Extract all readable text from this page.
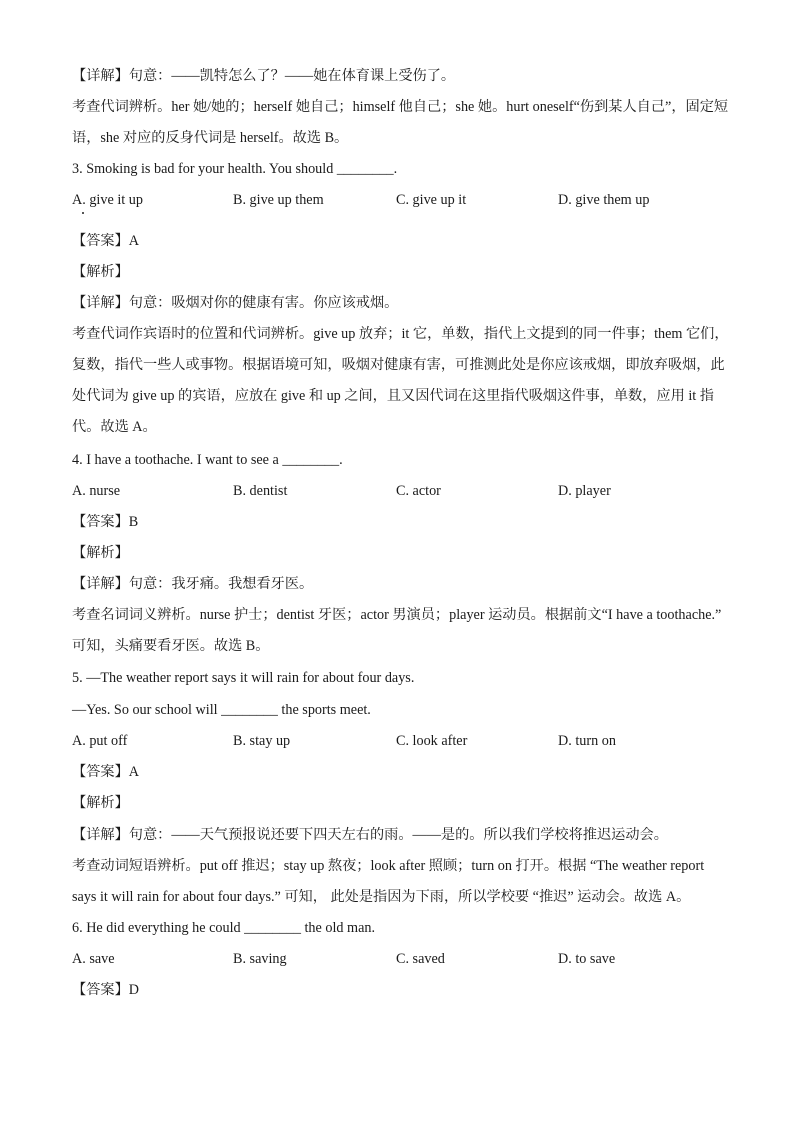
【详解】句意：——凯特怎么了？——她在体育课上受伤了。
考查代词辨析。her 她/她的；herself 她自己；himself 他自己；she 她。hurt oneself“伤到某人自己”，固定短
语，she 对应的反身代词是 herself。故选 B。
3. Smoking is bad for your health. You should ________.
A. give it up	B. give up them	C. give up it	D. give them up
【答案】A
【解析】
【详解】句意：吸烟对你的健康有害。你应该戒烟。
考查代词作宾语时的位置和代词辨析。give up 放弃；it 它，单数，指代上文提到的同一件事；them 它们，
复数，指代一些人或事物。根据语境可知，吸烟对健康有害，可推测此处是你应该戒烟，即放弃吸烟，此
处代词为 give up 的宾语，应放在 give 和 up 之间，且又因代词在这里指代吸烟这件事，单数，应用 it 指
代。故选 A。
4. I have a toothache. I want to see a ________.
A. nurse	B. dentist	C. actor	D. player
【答案】B
【解析】
【详解】句意：我牙痛。我想看牙医。
考查名词词义辨析。nurse 护士；dentist 牙医；actor 男演员；player 运动员。根据前文“I have a toothache.”
可知，头痛要看牙医。故选 B。
5. —The weather report says it will rain for about four days.
—Yes. So our school will ________ the sports meet.
A. put off	B. stay up	C. look after	D. turn on
【答案】A
【解析】
【详解】句意：——天气预报说还要下四天左右的雨。——是的。所以我们学校将推迟运动会。
考查动词短语辨析。put off 推迟；stay up 熬夜；look after 照顾；turn on 打开。根据 “The weather report
says it will rain for about four days.” 可知， 此处是指因为下雨，所以学校要 “推迟” 运动会。故选 A。
6. He did everything he could ________ the old man.
A. save	B. saving	C. saved	D. to save
【答案】D
